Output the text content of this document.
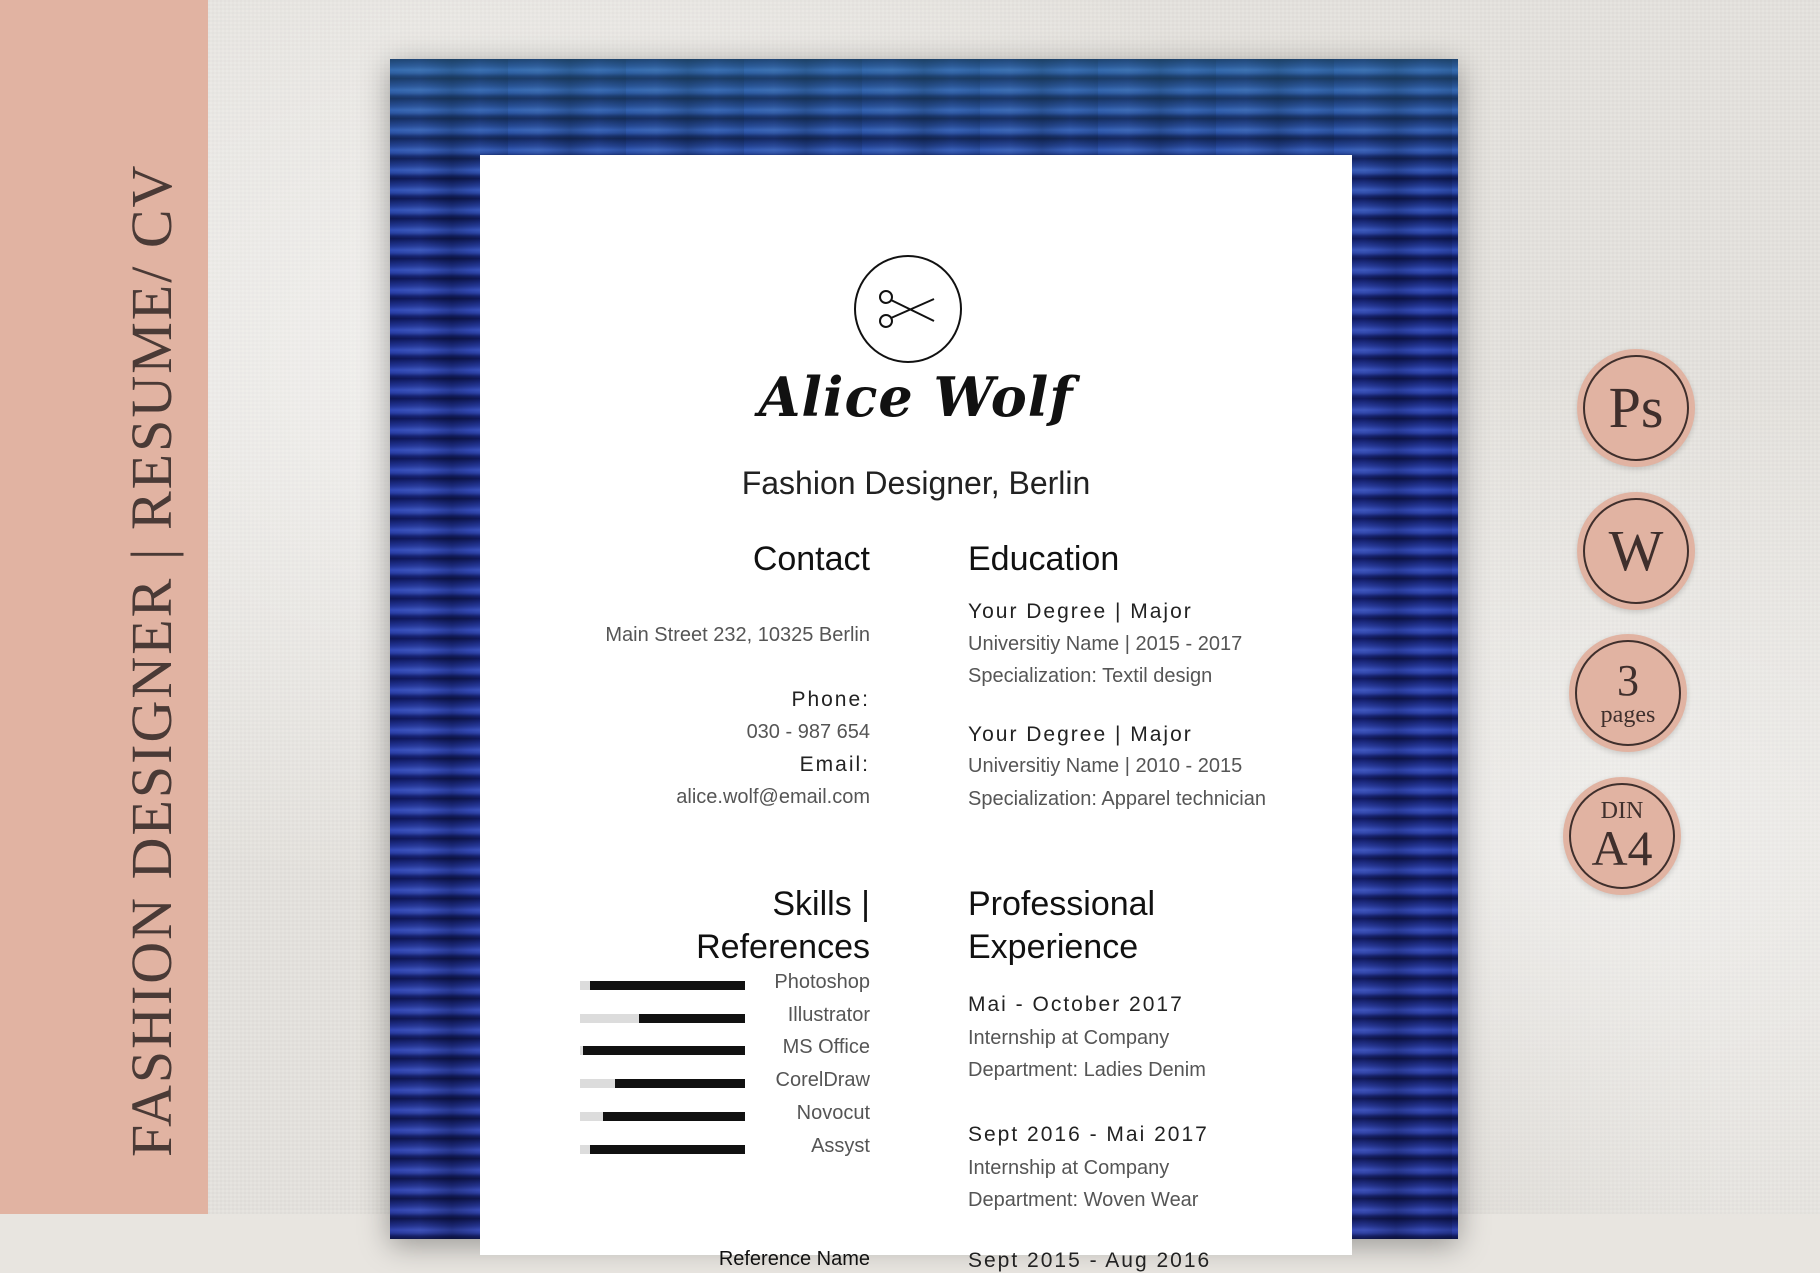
FASHION DESIGNER | RESUME/ CV	Alice Wolf
Fashion Designer, Berlin
Contact
Main Street 232, 10325 Berlin
Phone:
030 - 987 654
Email:
alice.wolf@email.com
Education
Your Degree | Major
Universitiy Name | 2015 - 2017
Specialization: Textil design
Your Degree | Major
Universitiy Name | 2010 - 2015
Specialization: Apparel technician
Skills |
References
Photoshop
Illustrator
MS Office
CorelDraw
Novocut
Assyst
Reference Name
Professional
Experience
Mai - October 2017
Internship at Company
Department: Ladies Denim
Sept 2016 - Mai 2017
Internship at Company
Department: Woven Wear
Sept 2015 - Aug 2016
Ps
W
3
pages
DIN
A4
